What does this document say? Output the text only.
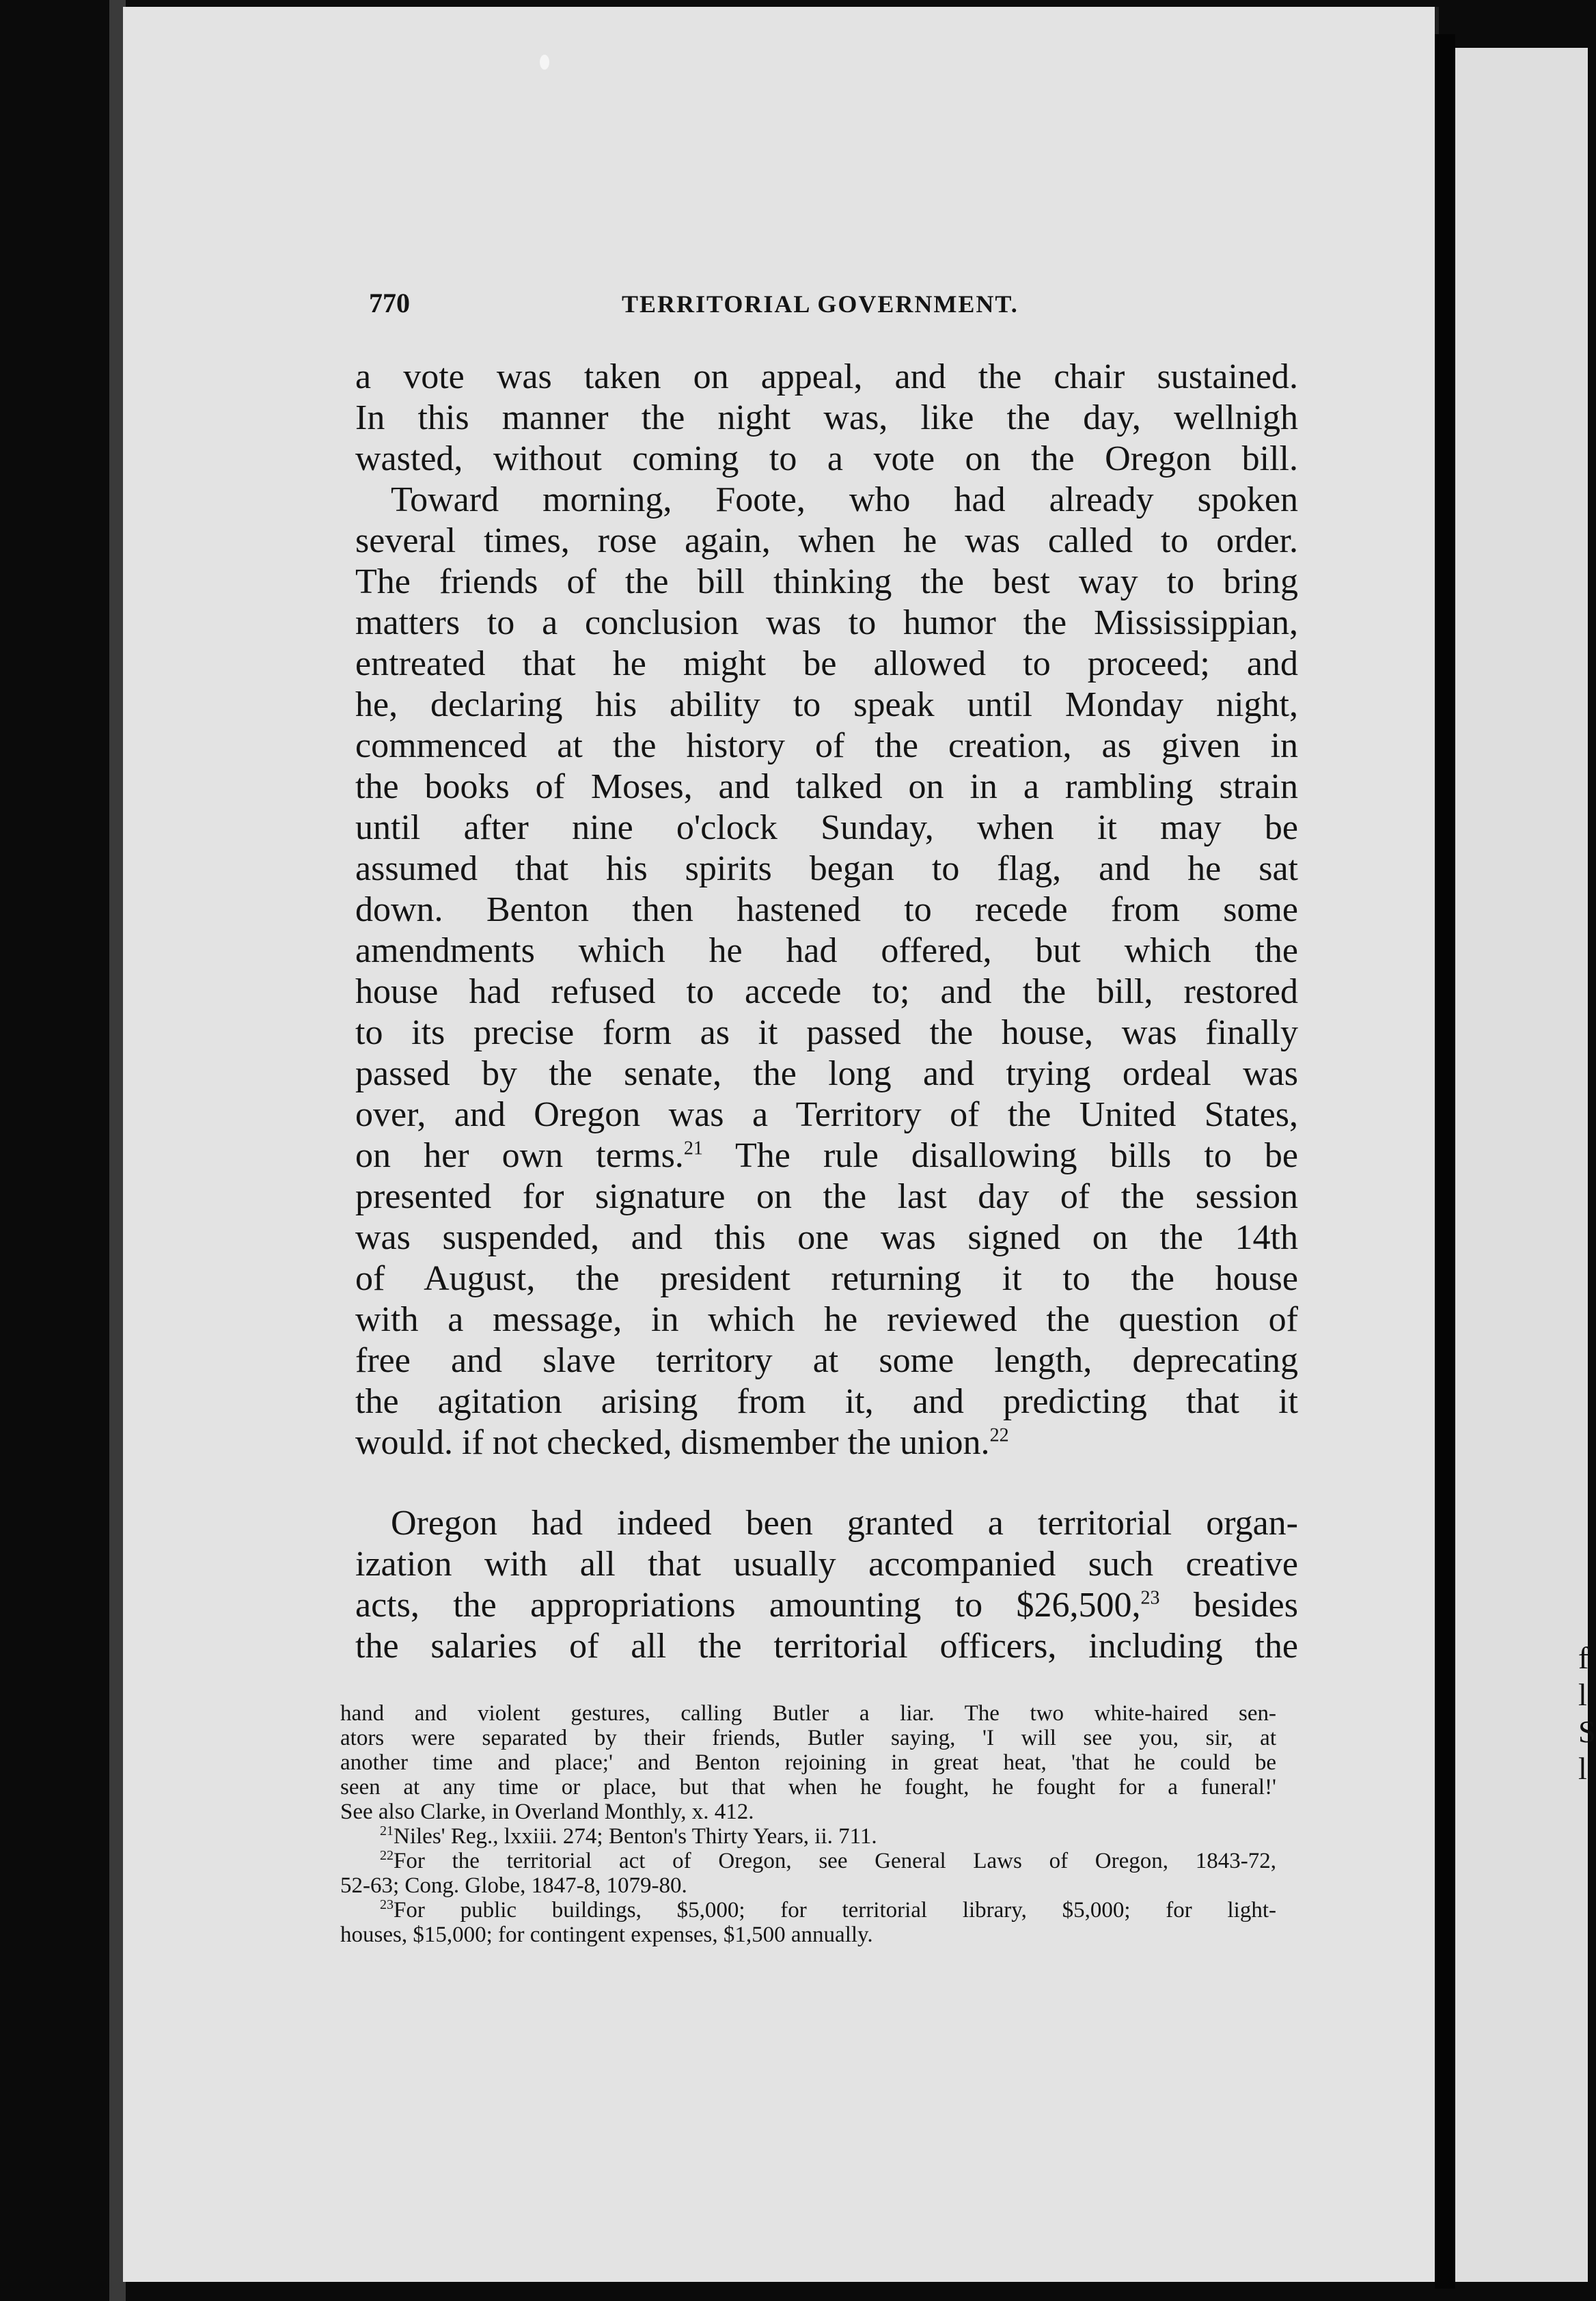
f
l
S
l
770	TERRITORIAL GOVERNMENT.
a vote was taken on appeal, and the chair sustained.
In this manner the night was, like the day, wellnigh
wasted, without coming to a vote on the Oregon bill.
Toward morning, Foote, who had already spoken
several times, rose again, when he was called to order.
The friends of the bill thinking the best way to bring
matters to a conclusion was to humor the Mississippian,
entreated that he might be allowed to proceed; and
he, declaring his ability to speak until Monday night,
commenced at the history of the creation, as given in
the books of Moses, and talked on in a rambling strain
until after nine o'clock Sunday, when it may be
assumed that his spirits began to flag, and he sat
down. Benton then hastened to recede from some
amendments which he had offered, but which the
house had refused to accede to; and the bill, restored
to its precise form as it passed the house, was finally
passed by the senate, the long and trying ordeal was
over, and Oregon was a Territory of the United States,
on her own terms.$^{21}$ The rule disallowing bills to be
presented for signature on the last day of the session
was suspended, and this one was signed on the 14th
of August, the president returning it to the house
with a message, in which he reviewed the question of
free and slave territory at some length, deprecating
the agitation arising from it, and predicting that it
would. if not checked, dismember the union.$^{22}$
Oregon had indeed been granted a territorial organ-
ization with all that usually accompanied such creative
acts, the appropriations amounting to $26,500,23 besides
the salaries of all the territorial officers, including the
hand and violent gestures, calling Butler a liar. The two white-haired sen-
ators were separated by their friends, Butler saying, 'I will see you, sir, at
another time and place;' and Benton rejoining in great heat, 'that he could be
seen at any time or place, but that when he fought, he fought for a funeral!'
See also Clarke, in Overland Monthly, x. 412.
$^{21}$Niles' Reg., lxxiii. 274; Benton's Thirty Years, ii. 711.
$^{22}$For the territorial act of Oregon, see General Laws of Oregon, 1843-72,
52-63; Cong. Globe, 1847-8, 1079-80.
$^{23}$For public buildings, $5,000; for territorial library, $5,000; for light-
houses, $15,000; for contingent expenses, $1,500 annually.
